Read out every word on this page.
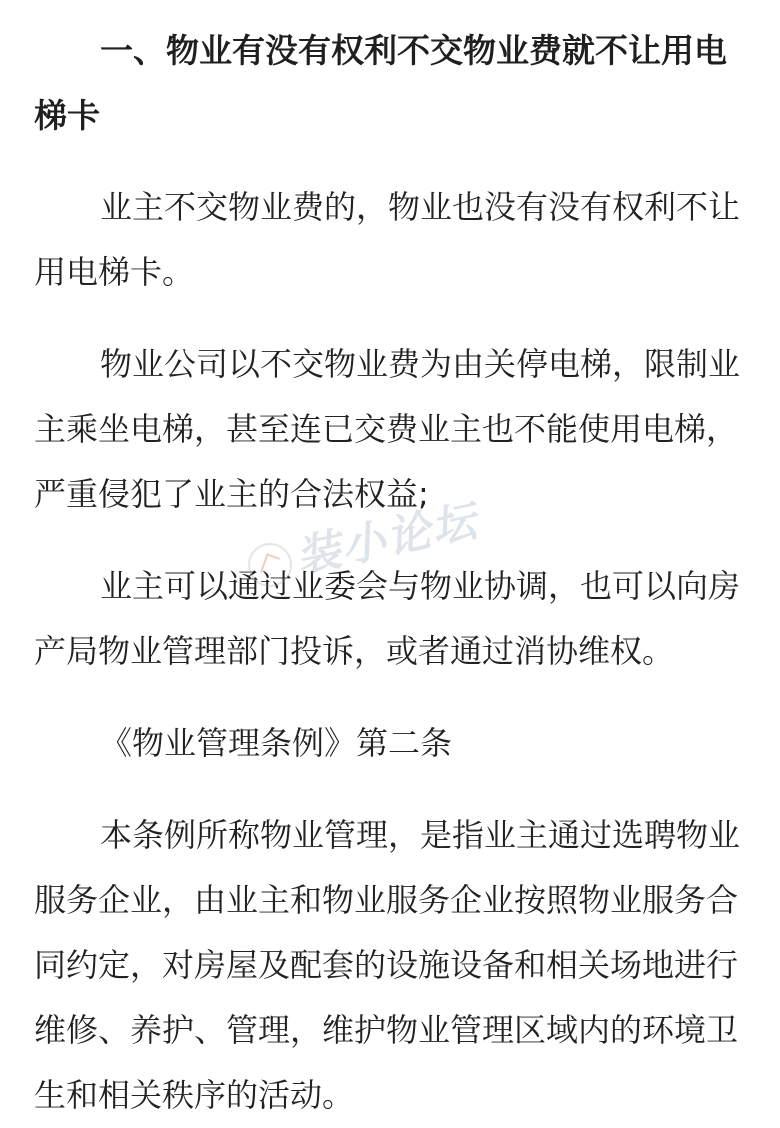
一、物业有没有权利不交物业费就不让用电梯卡

业主不交物业费的，物业也没有没有权利不让用电梯卡。

物业公司以不交物业费为由关停电梯，限制业主乘坐电梯，甚至连已交费业主也不能使用电梯，严重侵犯了业主的合法权益;

业主可以通过业委会与物业协调，也可以向房产局物业管理部门投诉，或者通过消协维权。

《物业管理条例》第二条

本条例所称物业管理，是指业主通过选聘物业服务企业，由业主和物业服务企业按照物业服务合同约定，对房屋及配套的设施设备和相关场地进行维修、养护、管理，维护物业管理区域内的环境卫生和相关秩序的活动。

装小论坛
